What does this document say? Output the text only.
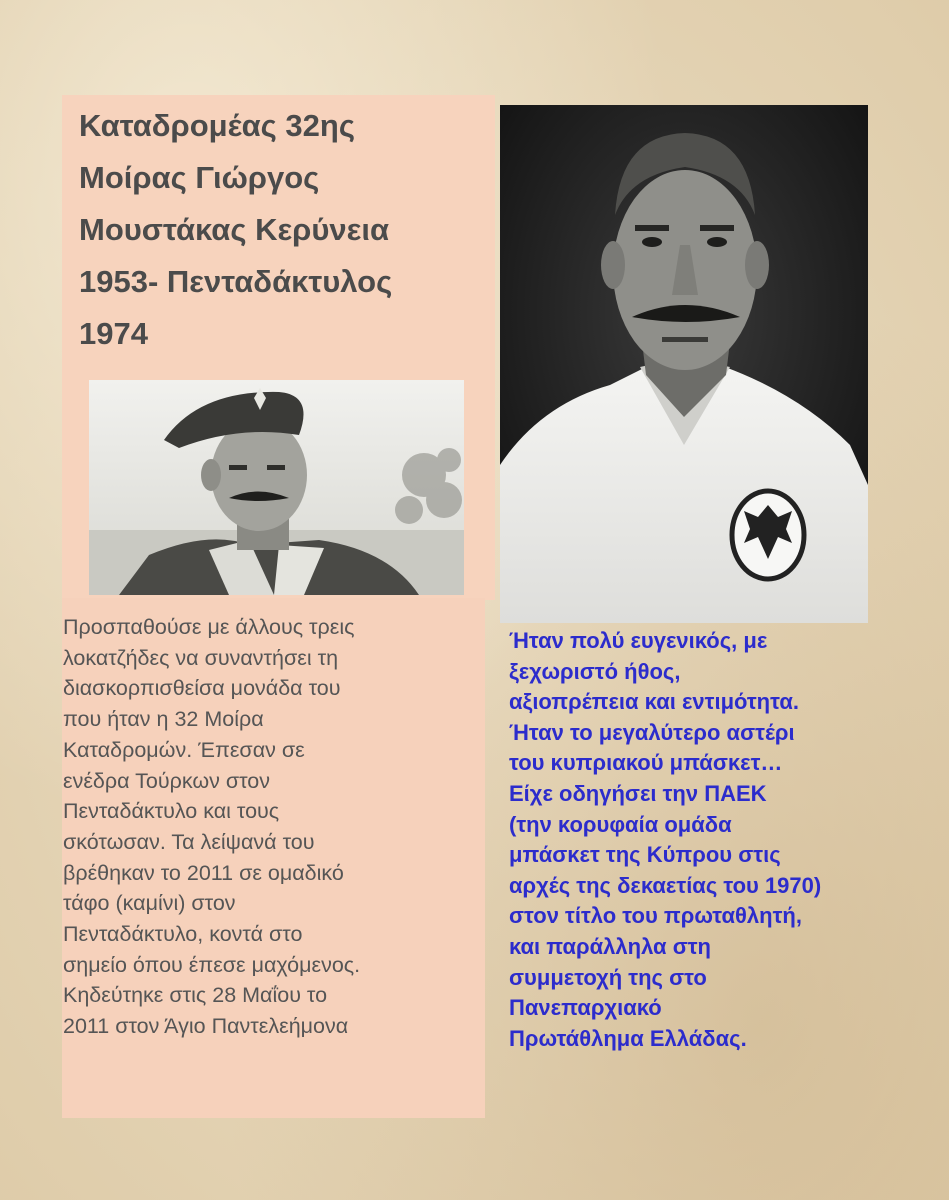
Καταδρομέας 32ης
Μοίρας Γιώργος
Μουστάκας Κερύνεια
1953- Πενταδάκτυλος
1974

Προσπαθούσε με άλλους τρεις
λοκατζήδες να συναντήσει τη
διασκορπισθείσα μονάδα του
που ήταν η 32 Μοίρα
Καταδρομών. Έπεσαν σε
ενέδρα Τούρκων στον
Πενταδάκτυλο και τους
σκότωσαν. Τα λείψανά του
βρέθηκαν το 2011 σε ομαδικό
τάφο (καμίνι) στον
Πενταδάκτυλο, κοντά στο
σημείο όπου έπεσε μαχόμενος.
Κηδεύτηκε στις 28 Μαΐου το
2011 στον Άγιο Παντελεήμονα

Ήταν πολύ ευγενικός, με
ξεχωριστό ήθος,
αξιοπρέπεια και εντιμότητα.
Ήταν το μεγαλύτερο αστέρι
του κυπριακού μπάσκετ…
Είχε οδηγήσει την ΠΑΕΚ
(την κορυφαία ομάδα
μπάσκετ της Κύπρου στις
αρχές της δεκαετίας του 1970)
στον τίτλο του πρωταθλητή,
και παράλληλα στη
συμμετοχή της στο
Πανεπαρχιακό
Πρωτάθλημα Ελλάδας.
